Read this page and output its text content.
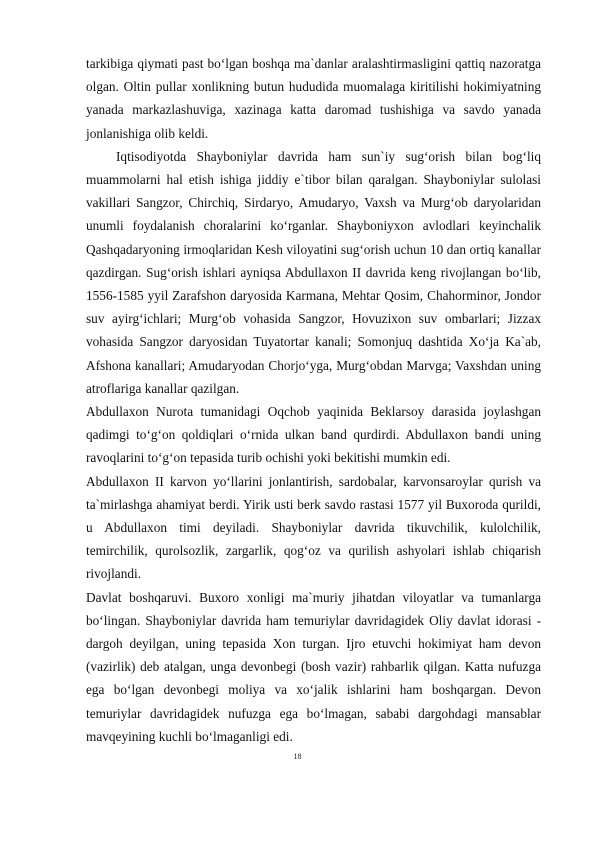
tarkibiga qiymati past bo‘lgan boshqa ma`danlar aralashtirmasligini qattiq nazoratga olgan. Oltin pullar xonlikning butun hududida muomalaga kiritilishi hokimiyatning yanada markazlashuviga, xazinaga katta daromad tushishiga va savdo yanada jonlanishiga olib keldi.

Iqtisodiyotda Shayboniylar davrida ham sun`iy sug‘orish bilan bog‘liq muammolarni hal etish ishiga jiddiy e`tibor bilan qaralgan. Shayboniylar sulolasi vakillari Sangzor, Chirchiq, Sirdaryo, Amudaryo, Vaxsh va Murg‘ob daryolaridan unumli foydalanish choralarini ko‘rganlar. Shayboniyxon avlodlari keyinchalik Qashqadaryoning irmoqlaridan Kesh viloyatini sug‘orish uchun 10 dan ortiq kanallar qazdirgan. Sug‘orish ishlari ayniqsa Abdullaxon II davrida keng rivojlangan bo‘lib, 1556-1585 yyil Zarafshon daryosida Karmana, Mehtar Qosim, Chahorminor, Jondor suv ayirg‘ichlari; Murg‘ob vohasida Sangzor, Hovuzixon suv ombarlari; Jizzax vohasida Sangzor daryosidan Tuyatortar kanali; Somonjuq dashtida Xo‘ja Ka`ab, Afshona kanallari; Amudaryodan Chorjo‘yga, Murg‘obdan Marvga; Vaxshdan uning atroflariga kanallar qazilgan.

Abdullaxon Nurota tumanidagi Oqchob yaqinida Beklarsoy darasida joylashgan qadimgi to‘g‘on qoldiqlari o‘rnida ulkan band qurdirdi. Abdullaxon bandi uning ravoqlarini to‘g‘on tepasida turib ochishi yoki bekitishi mumkin edi.

Abdullaxon II karvon yo‘llarini jonlantirish, sardobalar, karvonsaroylar qurish va ta`mirlashga ahamiyat berdi. Yirik usti berk savdo rastasi 1577 yil Buxoroda qurildi, u Abdullaxon timi deyiladi. Shayboniylar davrida tikuvchilik, kulolchilik, temirchilik, qurolsozlik, zargarlik, qog‘oz va qurilish ashyolari ishlab chiqarish rivojlandi.

Davlat boshqaruvi. Buxoro xonligi ma`muriy jihatdan viloyatlar va tumanlarga bo‘lingan. Shayboniylar davrida ham temuriylar davridagidek Oliy davlat idorasi - dargoh deyilgan, uning tepasida Xon turgan. Ijro etuvchi hokimiyat ham devon (vazirlik) deb atalgan, unga devonbegi (bosh vazir) rahbarlik qilgan. Katta nufuzga ega bo‘lgan devonbegi moliya va xo‘jalik ishlarini ham boshqargan. Devon temuriylar davridagidek nufuzga ega bo‘lmagan, sababi dargohdagi mansablar mavqeyining kuchli bo‘lmaganligi edi.

18
